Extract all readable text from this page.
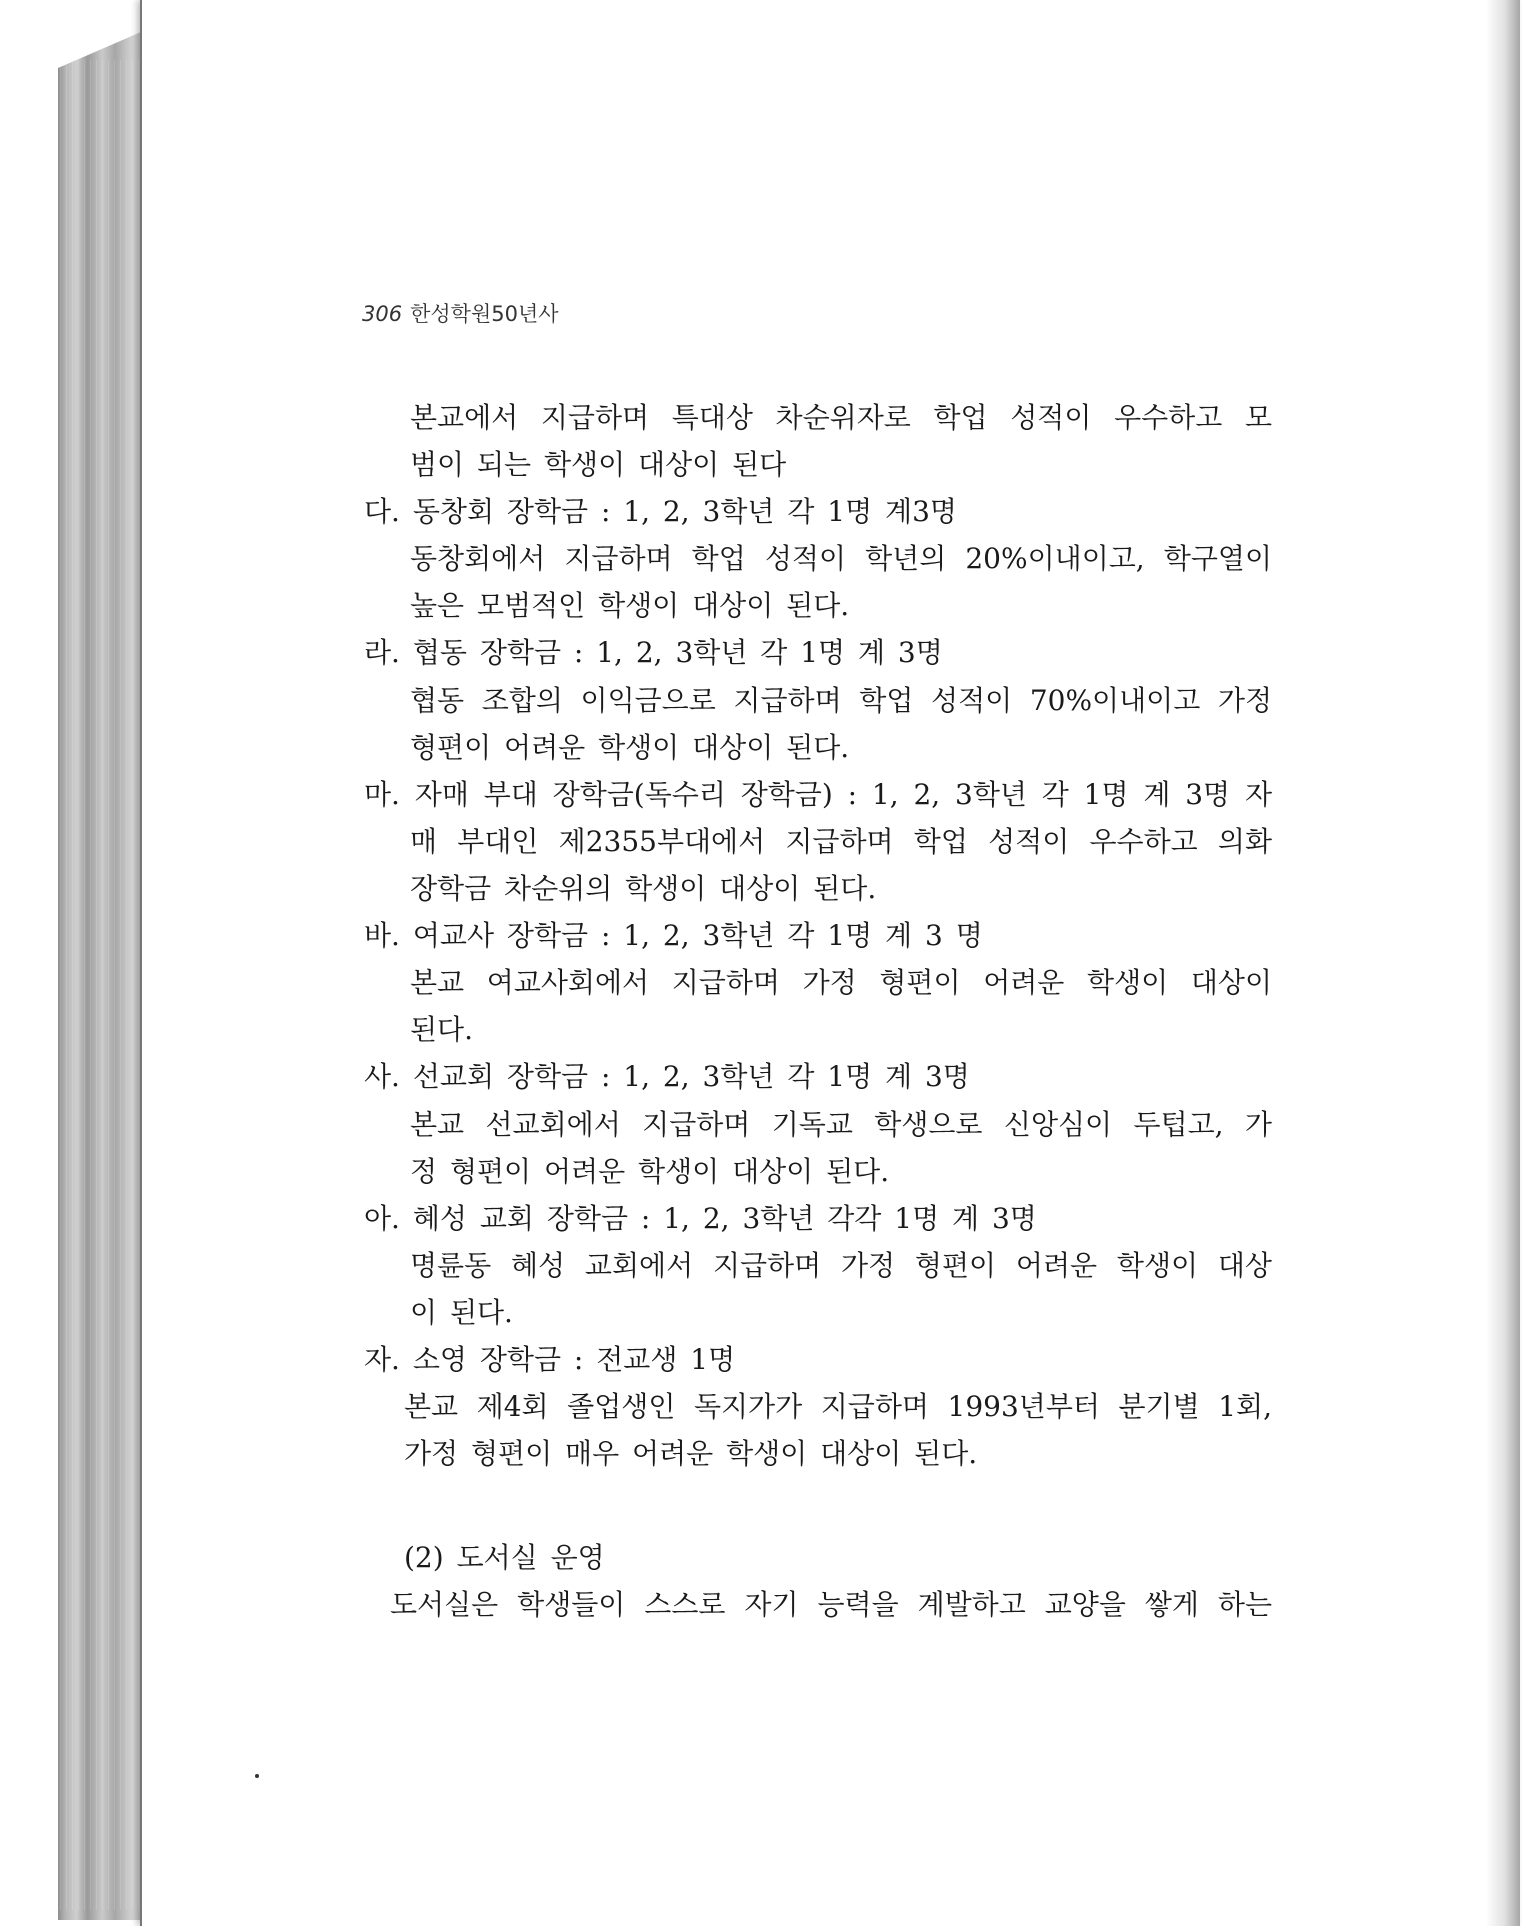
306 한성학원50년사
본교에서 지급하며 특대상 차순위자로 학업 성적이 우수하고 모
범이 되는 학생이 대상이 된다
다. 동창회 장학금 : 1, 2, 3학년 각 1명 계3명
동창회에서 지급하며 학업 성적이 학년의 20%이내이고, 학구열이
높은 모범적인 학생이 대상이 된다.
라. 협동 장학금 : 1, 2, 3학년 각 1명 계 3명
협동 조합의 이익금으로 지급하며 학업 성적이 70%이내이고 가정
형편이 어려운 학생이 대상이 된다.
마. 자매 부대 장학금(독수리 장학금) : 1, 2, 3학년 각 1명 계 3명 자
매 부대인 제2355부대에서 지급하며 학업 성적이 우수하고 의화
장학금 차순위의 학생이 대상이 된다.
바. 여교사 장학금 : 1, 2, 3학년 각 1명 계 3 명
본교 여교사회에서 지급하며 가정 형편이 어려운 학생이 대상이
된다.
사. 선교회 장학금 : 1, 2, 3학년 각 1명 계 3명
본교 선교회에서 지급하며 기독교 학생으로 신앙심이 두텁고, 가
정 형편이 어려운 학생이 대상이 된다.
아. 혜성 교회 장학금 : 1, 2, 3학년 각각 1명 계 3명
명륜동 혜성 교회에서 지급하며 가정 형편이 어려운 학생이 대상
이 된다.
자. 소영 장학금 : 전교생 1명
본교 제4회 졸업생인 독지가가 지급하며 1993년부터 분기별 1회,
가정 형편이 매우 어려운 학생이 대상이 된다.
(2) 도서실 운영
도서실은 학생들이 스스로 자기 능력을 계발하고 교양을 쌓게 하는
